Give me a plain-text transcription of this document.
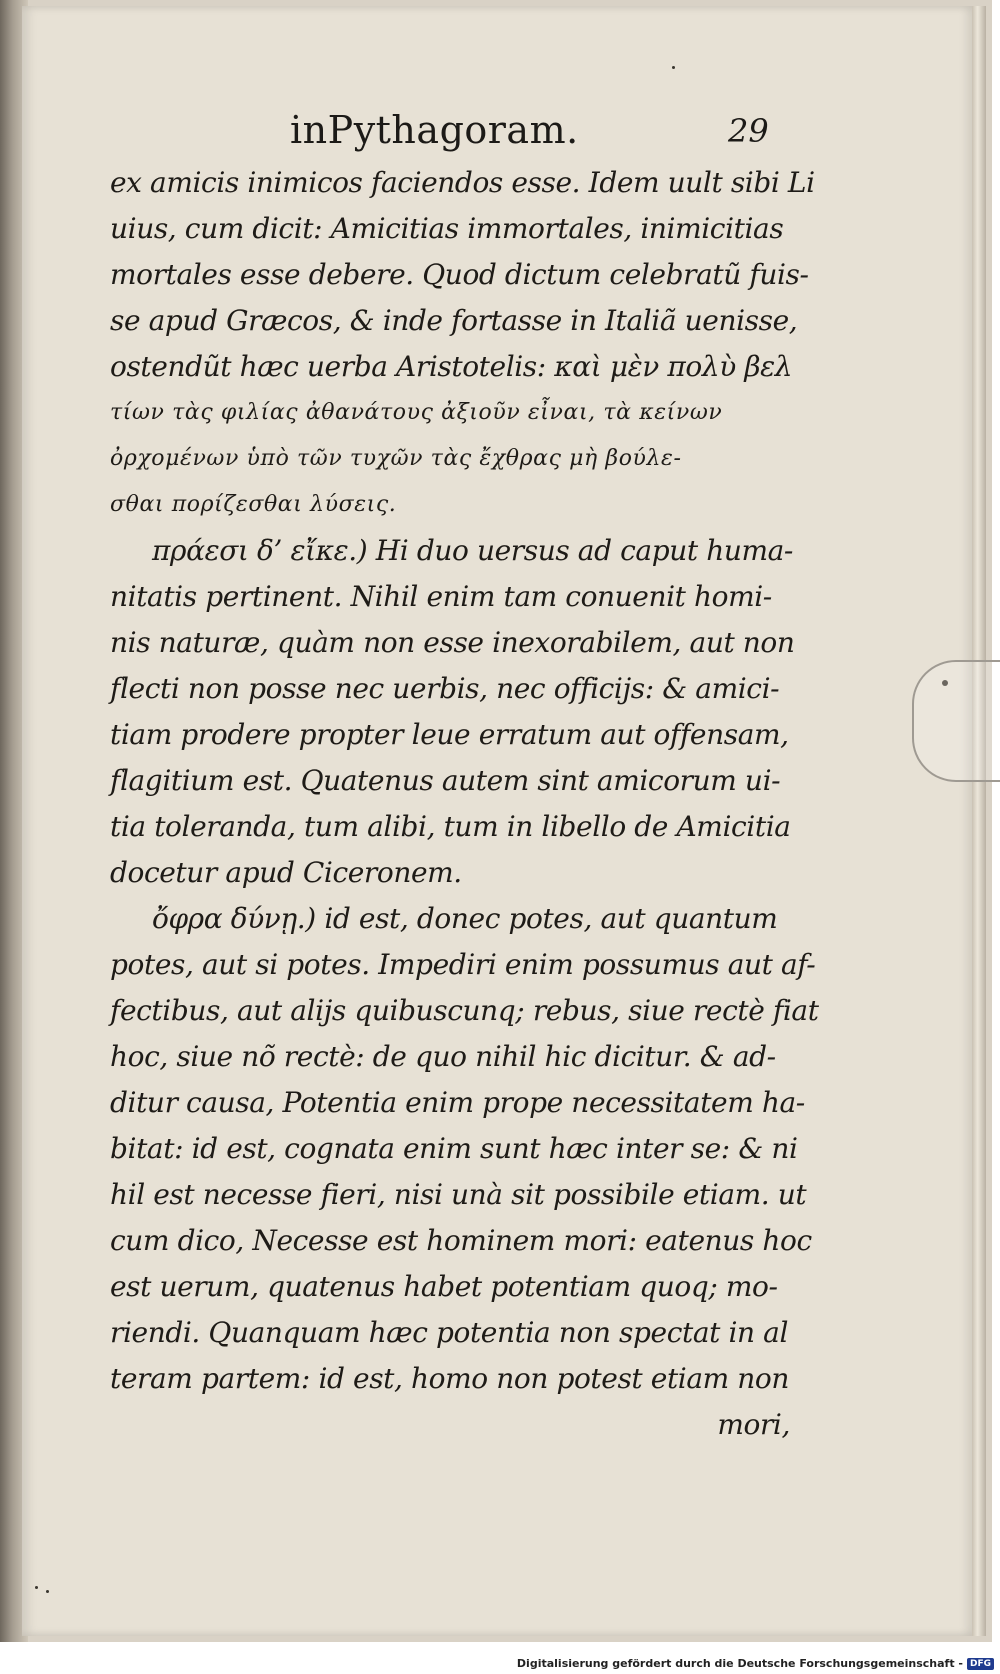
inPythagoram.	29
ex amicis inimicos faciendos esse. Idem uult sibi Li
uius, cum dicit: Amicitias immortales, inimicitias
mortales esse debere. Quod dictum celebratũ fuis-
se apud Græcos, & inde fortasse in Italiã uenisse,
ostendũt hæc uerba Aristotelis: καὶ μὲν πολὺ βελ
τίων τὰς φιλίας ἀθανάτους ἀξιοῦν εἶναι, τὰ κείνων
ὀρχομένων ὑπὸ τῶν τυχῶν τὰς ἔχθρας μὴ βούλε-
σθαι πορίζεσθαι λύσεις.
πράεσι δ’ εἴκε.) Hi duo uersus ad caput huma-
nitatis pertinent. Nihil enim tam conuenit homi-
nis naturæ, quàm non esse inexorabilem, aut non
flecti non posse nec uerbis, nec officijs: & amici-
tiam prodere propter leue erratum aut offensam,
flagitium est. Quatenus autem sint amicorum ui-
tia toleranda, tum alibi, tum in libello de Amicitia
docetur apud Ciceronem.
ὄφρα δύνῃ.) id est, donec potes, aut quantum
potes, aut si potes. Impediri enim possumus aut af-
fectibus, aut alijs quibuscunq; rebus, siue rectè fiat
hoc, siue nõ rectè: de quo nihil hic dicitur. & ad-
ditur causa, Potentia enim prope necessitatem ha-
bitat: id est, cognata enim sunt hæc inter se: & ni
hil est necesse fieri, nisi unà sit possibile etiam. ut
cum dico, Necesse est hominem mori: eatenus hoc
est uerum, quatenus habet potentiam quoq; mo-
riendi. Quanquam hæc potentia non spectat in al
teram partem: id est, homo non potest etiam non
mori,
Digitalisierung gefördert durch die Deutsche Forschungsgemeinschaft - DFG
